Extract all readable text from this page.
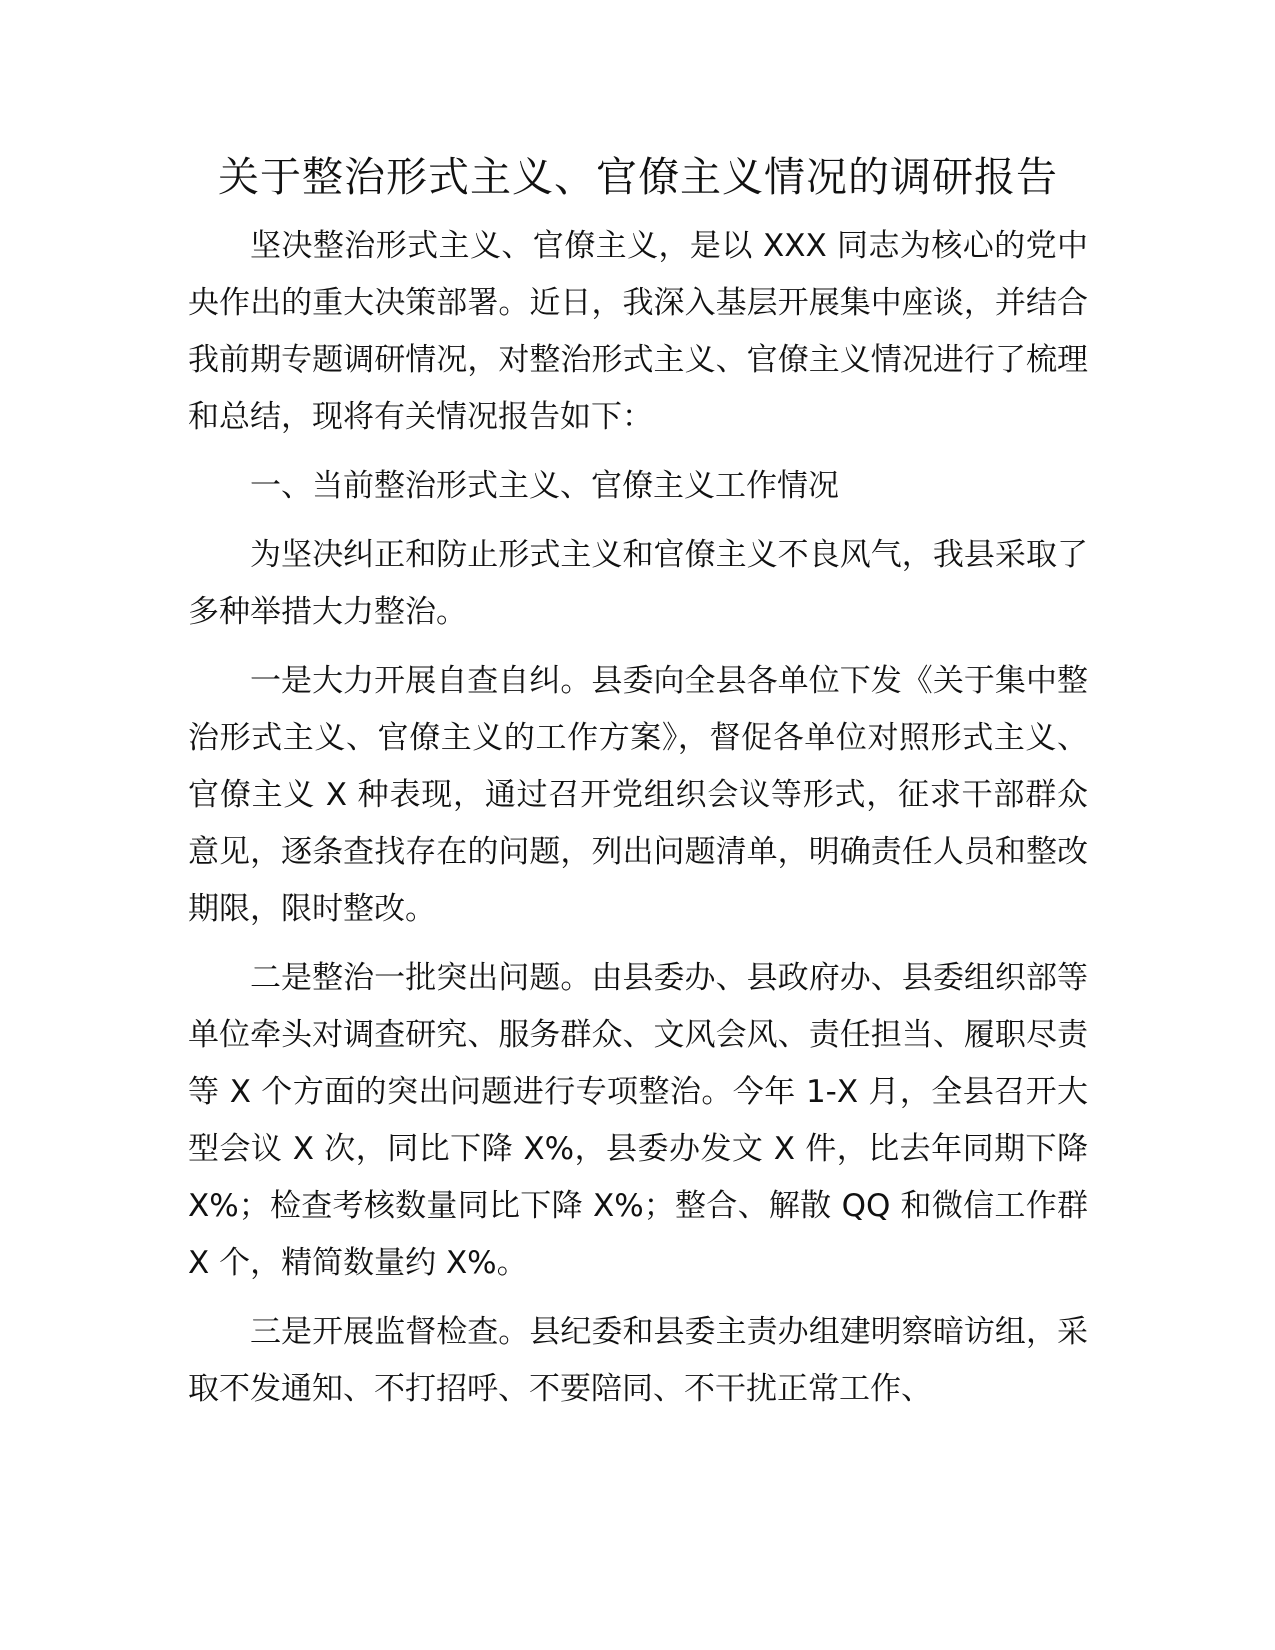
关于整治形式主义、官僚主义情况的调研报告

坚决整治形式主义、官僚主义，是以 XXX 同志为核心的党中央作出的重大决策部署。近日，我深入基层开展集中座谈，并结合我前期专题调研情况，对整治形式主义、官僚主义情况进行了梳理和总结，现将有关情况报告如下：

一、当前整治形式主义、官僚主义工作情况

为坚决纠正和防止形式主义和官僚主义不良风气，我县采取了多种举措大力整治。

一是大力开展自查自纠。县委向全县各单位下发《关于集中整治形式主义、官僚主义的工作方案》，督促各单位对照形式主义、官僚主义 X 种表现，通过召开党组织会议等形式，征求干部群众意见，逐条查找存在的问题，列出问题清单，明确责任人员和整改期限，限时整改。

二是整治一批突出问题。由县委办、县政府办、县委组织部等单位牵头对调查研究、服务群众、文风会风、责任担当、履职尽责等 X 个方面的突出问题进行专项整治。今年 1-X 月，全县召开大型会议 X 次，同比下降 X%，县委办发文 X 件，比去年同期下降 X%；检查考核数量同比下降 X%；整合、解散 QQ 和微信工作群 X 个，精简数量约 X%。

三是开展监督检查。县纪委和县委主责办组建明察暗访组，采取不发通知、不打招呼、不要陪同、不干扰正常工作、
